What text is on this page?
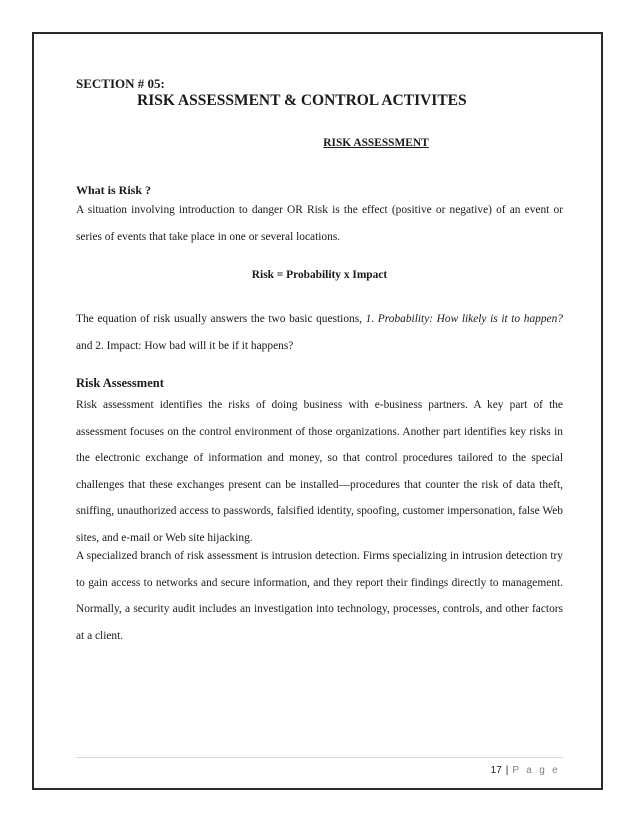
SECTION # 05:
RISK ASSESSMENT & CONTROL ACTIVITES
RISK ASSESSMENT
What is Risk ?
A situation involving introduction to danger OR Risk is the effect (positive or negative) of an event or series of events that take place in one or several locations.
Risk = Probability x Impact
The equation of risk usually answers the two basic questions, 1. Probability: How likely is it to happen? and 2. Impact: How bad will it be if it happens?
Risk Assessment
Risk assessment identifies the risks of doing business with e-business partners. A key part of the assessment focuses on the control environment of those organizations. Another part identifies key risks in the electronic exchange of information and money, so that control procedures tailored to the special challenges that these exchanges present can be installed—procedures that counter the risk of data theft, sniffing, unauthorized access to passwords, falsified identity, spoofing, customer impersonation, false Web sites, and e-mail or Web site hijacking.
A specialized branch of risk assessment is intrusion detection. Firms specializing in intrusion detection try to gain access to networks and secure information, and they report their findings directly to management. Normally, a security audit includes an investigation into technology, processes, controls, and other factors at a client.
17 | P a g e
